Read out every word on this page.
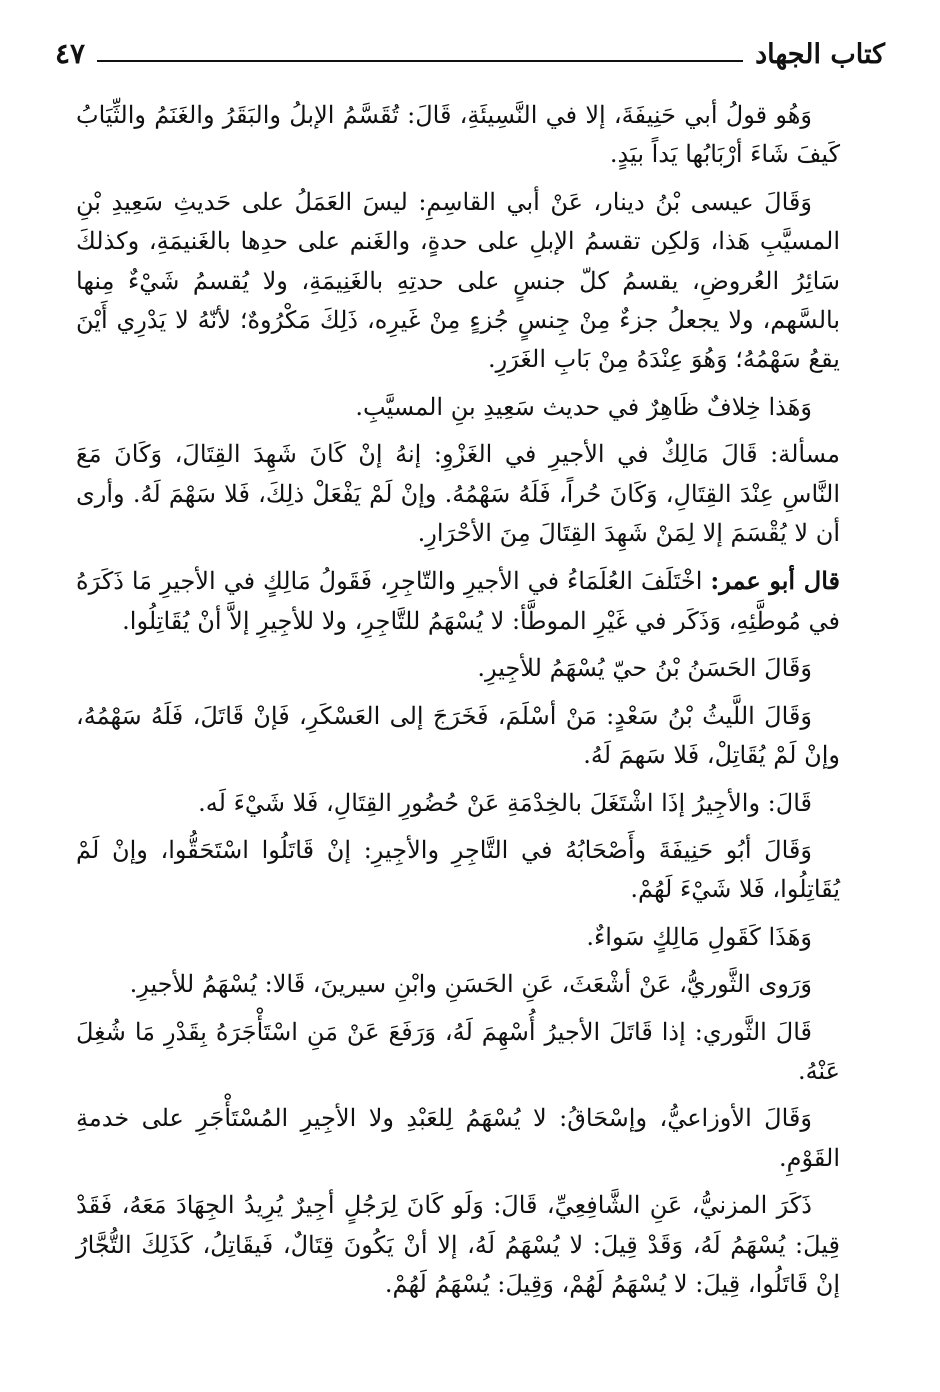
كتاب الجهاد
٤٧

وَهُو قولُ أبي حَنِيفَةَ، إلا في النَّسِيئَةِ، قَالَ: تُقَسَّمُ الإبلُ والبَقَرُ والغَنَمُ والثِّيَابُ كَيفَ شَاءَ أرْبَابُها يَداً بيَدٍ.

وَقَالَ عيسى بْنُ دينار، عَنْ أبي القاسِمِ: ليسَ العَمَلُ على حَديثِ سَعِيدِ بْنِ المسيَّبِ هَذا، وَلكِن تقسمُ الإبلِ على حدةٍ، والغَنم على حدِها بالغَنيمَةِ، وكذلكَ سَائِرُ العُروضِ، يقسمُ كلّ جنسٍ على حدتِهِ بالغَنِيمَةِ، ولا يُقسمُ شَيْءٌ مِنها بالسَّهم، ولا يجعلُ جزءٌ مِنْ جِنسٍ جُزءٍ مِنْ غَيرِه، ذَلِكَ مَكْرُوهٌ؛ لأنّهُ لا يَدْرِي أَيْنَ يقعُ سَهْمُهُ؛ وَهُوَ عِنْدَهُ مِنْ بَابِ الغَرَرِ.

وَهَذا خِلافٌ ظَاهِرٌ في حديث سَعِيدِ بنِ المسيَّبِ.

مسألة: قَالَ مَالِكٌ في الأجيرِ في الغَزْوِ: إنهُ إنْ كَانَ شَهِدَ القِتَالَ، وَكَانَ مَعَ النَّاسِ عِنْدَ القِتَالِ، وَكَانَ حُراً، فَلَهُ سَهْمُهُ. وإنْ لَمْ يَفْعَلْ ذلِكَ، فَلا سَهْمَ لَهُ. وأرى أن لا يُقْسَمَ إلا لِمَنْ شَهِدَ القِتَالَ مِنَ الأحْرَارِ.

قال أبو عمر: اخْتَلَفَ العُلَمَاءُ في الأجيرِ والتّاجِرِ، فَقَولُ مَالِكٍ في الأجيرِ مَا ذَكَرَهُ في مُوطَّئِهِ، وَذَكَر في غَيْرِ الموطَّأ: لا يُسْهَمُ للتَّاجِرِ، ولا للأجِيرِ إلاَّ أنْ يُقَاتِلُوا.

وَقَالَ الحَسَنُ بْنُ حيّ يُسْهَمُ للأجِيرِ.

وَقَالَ اللَّيثُ بْنُ سَعْدٍ: مَنْ أسْلَمَ، فَخَرَجَ إلى العَسْكَرِ، فَإنْ قَاتَلَ، فَلَهُ سَهْمُهُ، وإنْ لَمْ يُقَاتِلْ، فَلا سَهمَ لَهُ.

قَالَ: والأجِيرُ إذَا اشْتَغَلَ بالخِدْمَةِ عَنْ حُضُورِ القِتَالِ، فَلا شَيْءَ لَه.

وَقَالَ أبُو حَنِيفَةَ وأَصْحَابُهُ في التَّاجِرِ والأجِيرِ: إنْ قَاتَلُوا اسْتَحَقُّوا، وإنْ لَمْ يُقَاتِلُوا، فَلا شَيْءَ لَهُمْ.

وَهَذَا كَقَولِ مَالِكٍ سَواءٌ.

وَرَوى الثَّوريُّ، عَنْ أشْعَثَ، عَنِ الحَسَنِ وابْنِ سيرينَ، قَالا: يُسْهَمُ للأجيرِ.

قَالَ الثَّوري: إذا قَاتَلَ الأجيرُ أُسْهِمَ لَهُ، وَرَفَعَ عَنْ مَنِ اسْتَأْجَرَهُ بِقَدْرِ مَا شُغِلَ عَنْهُ.

وَقَالَ الأوزاعيُّ، وإسْحَاقُ: لا يُسْهَمُ لِلعَبْدِ ولا الأجِيرِ المُسْتَأْجَرِ على خدمةِ القَوْمِ.

ذَكَرَ المزنيُّ، عَنِ الشَّافِعِيِّ، قَالَ: وَلَو كَانَ لِرَجُلٍ أجِيرٌ يُرِيدُ الجِهَادَ مَعَهُ، فَقَدْ قِيلَ: يُسْهَمُ لَهُ، وَقَدْ قِيلَ: لا يُسْهَمُ لَهُ، إلا أنْ يَكُونَ قِتَالٌ، فَيقَاتِلُ، كَذَلِكَ التُّجَّارُ إنْ قَاتَلُوا، قِيلَ: لا يُسْهَمُ لَهُمْ، وَقِيلَ: يُسْهَمُ لَهُمْ.
